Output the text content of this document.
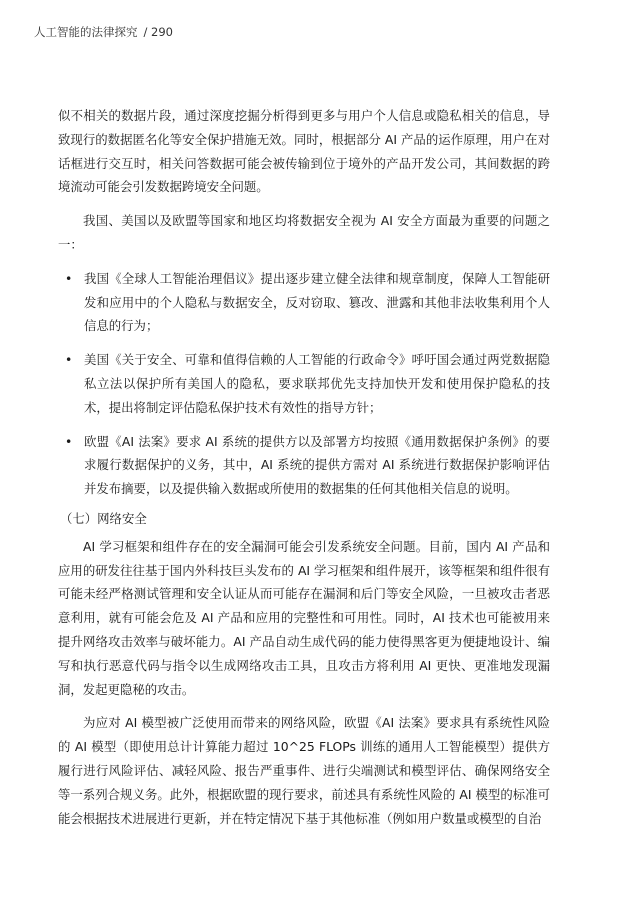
人工智能的法律探究 / 290

似不相关的数据片段，通过深度挖掘分析得到更多与用户个人信息或隐私相关的信息，导致现行的数据匿名化等安全保护措施无效。同时，根据部分 AI 产品的运作原理，用户在对话框进行交互时，相关问答数据可能会被传输到位于境外的产品开发公司，其间数据的跨境流动可能会引发数据跨境安全问题。

我国、美国以及欧盟等国家和地区均将数据安全视为 AI 安全方面最为重要的问题之一：

• 我国《全球人工智能治理倡议》提出逐步建立健全法律和规章制度，保障人工智能研发和应用中的个人隐私与数据安全，反对窃取、篡改、泄露和其他非法收集利用个人信息的行为；
• 美国《关于安全、可靠和值得信赖的人工智能的行政命令》呼吁国会通过两党数据隐私立法以保护所有美国人的隐私，要求联邦优先支持加快开发和使用保护隐私的技术，提出将制定评估隐私保护技术有效性的指导方针；
• 欧盟《AI 法案》要求 AI 系统的提供方以及部署方均按照《通用数据保护条例》的要求履行数据保护的义务，其中，AI 系统的提供方需对 AI 系统进行数据保护影响评估并发布摘要，以及提供输入数据或所使用的数据集的任何其他相关信息的说明。

（七）网络安全

AI 学习框架和组件存在的安全漏洞可能会引发系统安全问题。目前，国内 AI 产品和应用的研发往往基于国内外科技巨头发布的 AI 学习框架和组件展开，该等框架和组件很有可能未经严格测试管理和安全认证从而可能存在漏洞和后门等安全风险，一旦被攻击者恶意利用，就有可能会危及 AI 产品和应用的完整性和可用性。同时，AI 技术也可能被用来提升网络攻击效率与破坏能力。AI 产品自动生成代码的能力使得黑客更为便捷地设计、编写和执行恶意代码与指令以生成网络攻击工具，且攻击方将利用 AI 更快、更准地发现漏洞，发起更隐秘的攻击。

为应对 AI 模型被广泛使用而带来的网络风险，欧盟《AI 法案》要求具有系统性风险的 AI 模型（即使用总计计算能力超过 10^25 FLOPs 训练的通用人工智能模型）提供方履行进行风险评估、减轻风险、报告严重事件、进行尖端测试和模型评估、确保网络安全等一系列合规义务。此外，根据欧盟的现行要求，前述具有系统性风险的 AI 模型的标准可能会根据技术进展进行更新，并在特定情况下基于其他标准（例如用户数量或模型的自治
